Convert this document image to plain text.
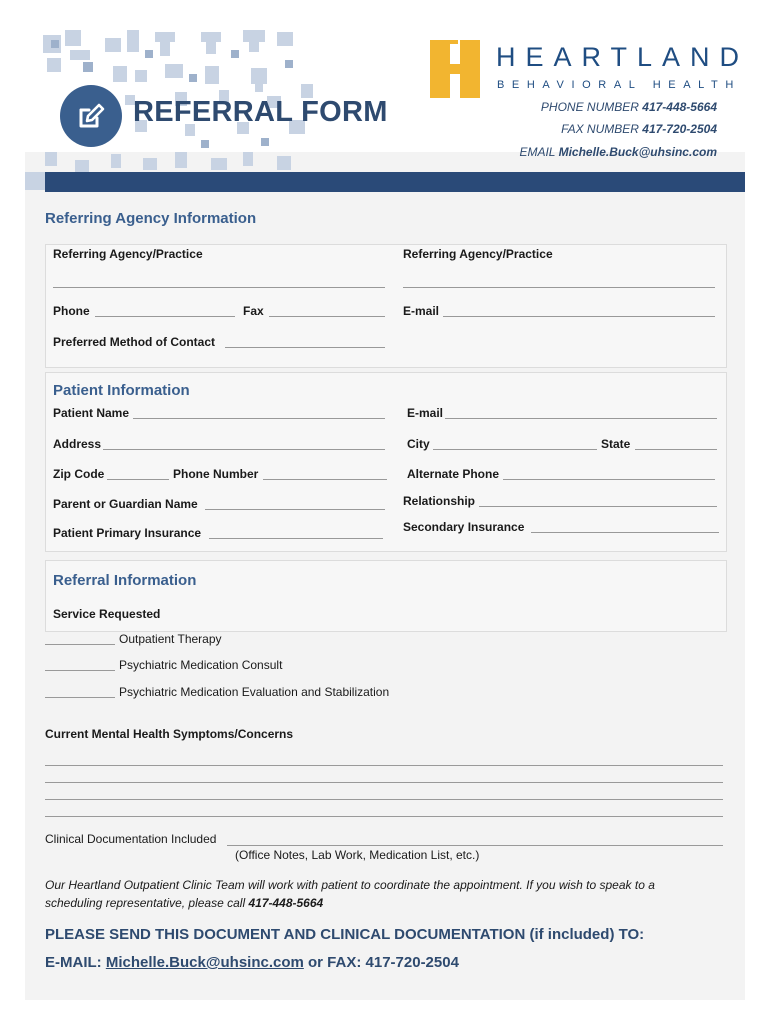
REFERRAL FORM
HEARTLAND
BEHAVIORAL HEALTH
PHONE NUMBER 417-448-5664
FAX NUMBER 417-720-2504
EMAIL Michelle.Buck@uhsinc.com
Referring Agency Information
Referring Agency/Practice	Referring Agency/Practice
Phone	Fax	E-mail
Preferred Method of Contact
Patient Information
Patient Name	E-mail
Address	City	State
Zip Code	Phone Number	Alternate Phone
Parent or Guardian Name	Relationship
Patient Primary Insurance	Secondary Insurance
Referral Information
Service Requested
Outpatient Therapy
Psychiatric Medication Consult
Psychiatric Medication Evaluation and Stabilization
Current Mental Health Symptoms/Concerns
Clinical Documentation Included
(Office Notes, Lab Work, Medication List, etc.)
Our Heartland Outpatient Clinic Team will work with patient to coordinate the appointment. If you wish to speak to a scheduling representative, please call 417-448-5664
PLEASE SEND THIS DOCUMENT AND CLINICAL DOCUMENTATION (if included) TO:
E-MAIL: Michelle.Buck@uhsinc.com or FAX: 417-720-2504
